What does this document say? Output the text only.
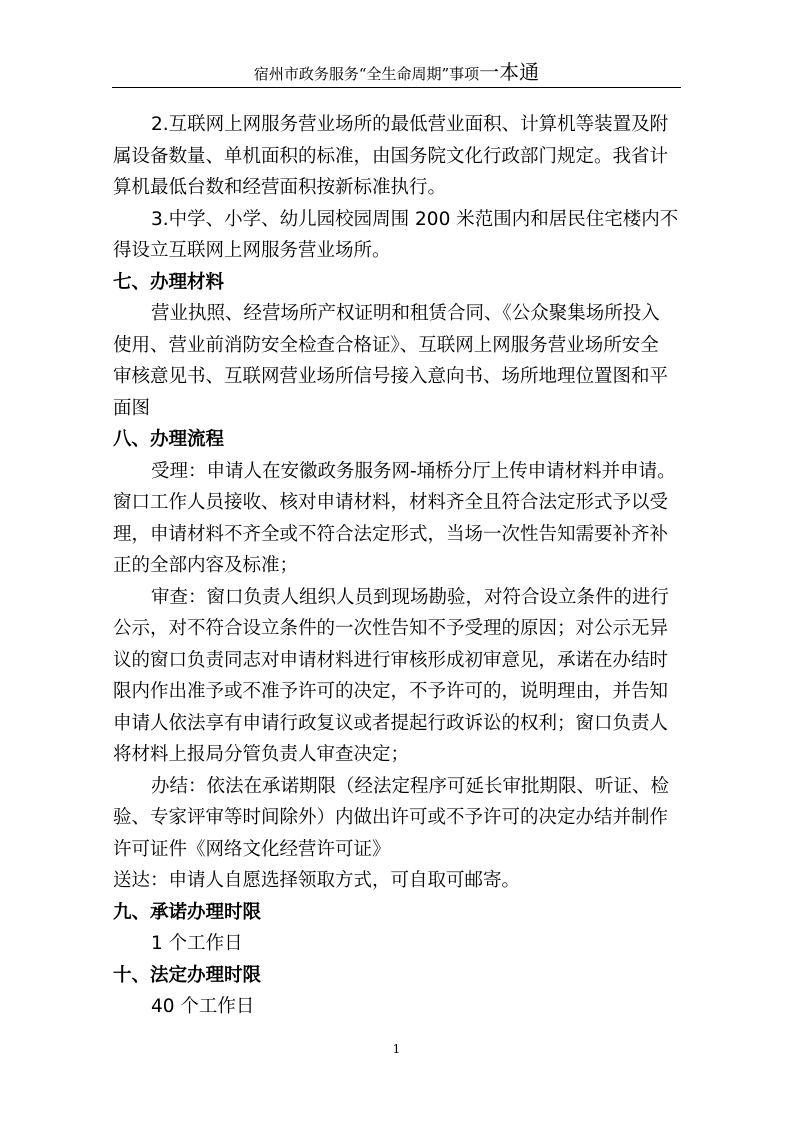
宿州市政务服务“全生命周期”事项一本通

2.互联网上网服务营业场所的最低营业面积、计算机等装置及附

属设备数量、单机面积的标准，由国务院文化行政部门规定。我省计

算机最低台数和经营面积按新标准执行。

3.中学、小学、幼儿园校园周围 200 米范围内和居民住宅楼内不

得设立互联网上网服务营业场所。

七、办理材料

营业执照、经营场所产权证明和租赁合同、《公众聚集场所投入

使用、营业前消防安全检查合格证》、互联网上网服务营业场所安全

审核意见书、互联网营业场所信号接入意向书、场所地理位置图和平

面图

八、办理流程

受理：申请人在安徽政务服务网-埇桥分厅上传申请材料并申请。

窗口工作人员接收、核对申请材料，材料齐全且符合法定形式予以受

理，申请材料不齐全或不符合法定形式，当场一次性告知需要补齐补

正的全部内容及标准；

审查：窗口负责人组织人员到现场勘验，对符合设立条件的进行

公示，对不符合设立条件的一次性告知不予受理的原因；对公示无异

议的窗口负责同志对申请材料进行审核形成初审意见，承诺在办结时

限内作出准予或不准予许可的决定，不予许可的，说明理由，并告知

申请人依法享有申请行政复议或者提起行政诉讼的权利；窗口负责人

将材料上报局分管负责人审查决定；

办结：依法在承诺期限（经法定程序可延长审批期限、听证、检

验、专家评审等时间除外）内做出许可或不予许可的决定办结并制作

许可证件《网络文化经营许可证》

送达：申请人自愿选择领取方式，可自取可邮寄。

九、承诺办理时限

1 个工作日

十、法定办理时限

40 个工作日

1
